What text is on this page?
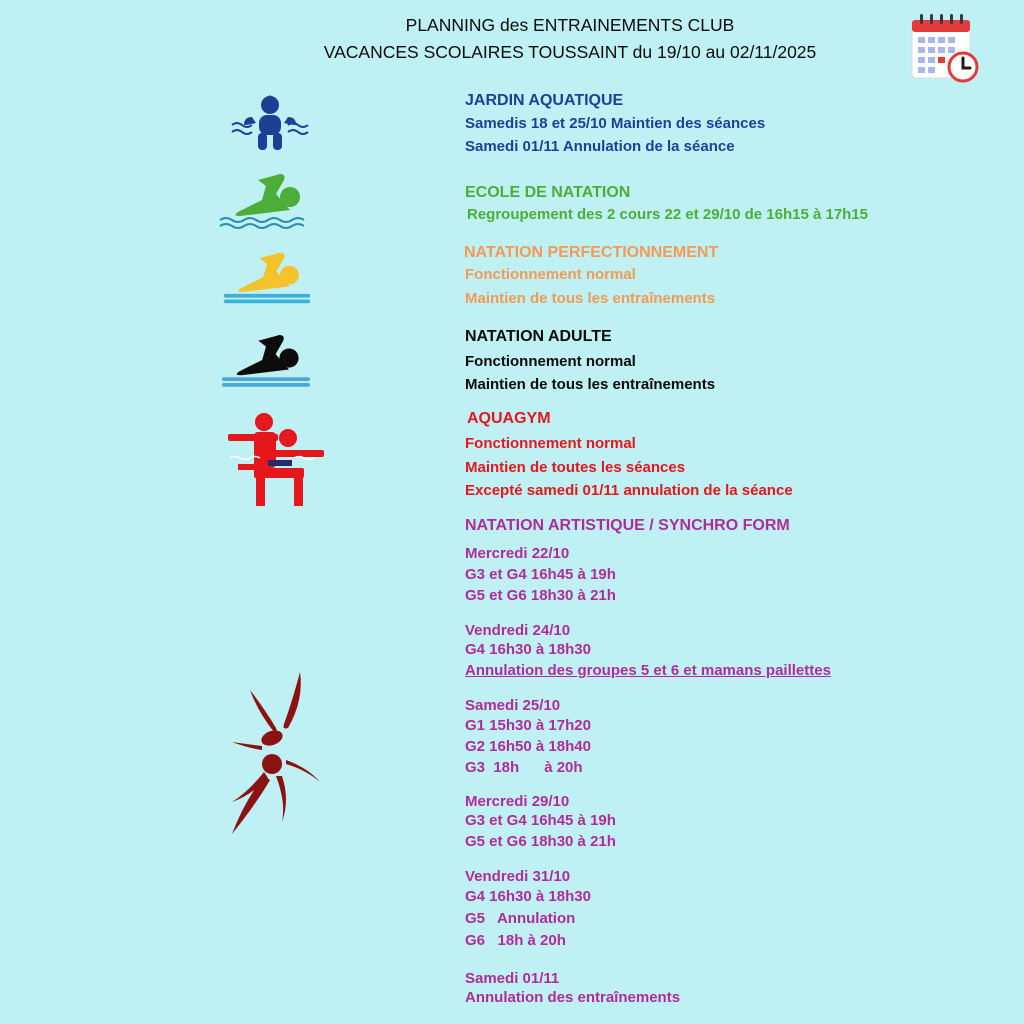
PLANNING des ENTRAINEMENTS CLUB
VACANCES SCOLAIRES TOUSSAINT du 19/10 au 02/11/2025
JARDIN AQUATIQUE
Samedis 18 et 25/10 Maintien des séances
Samedi 01/11 Annulation de la séance
ECOLE DE NATATION
Regroupement des 2 cours 22 et 29/10 de 16h15 à 17h15
NATATION PERFECTIONNEMENT
Fonctionnement normal
Maintien de tous les entraînements
NATATION ADULTE
Fonctionnement normal
Maintien de tous les entraînements
AQUAGYM
Fonctionnement normal
Maintien de toutes les séances
Excepté samedi 01/11 annulation de la séance
NATATION ARTISTIQUE / SYNCHRO FORM
Mercredi 22/10
G3 et G4 16h45 à 19h
G5 et G6 18h30 à 21h
Vendredi 24/10
G4 16h30 à 18h30
Annulation des groupes 5 et 6 et mamans paillettes
Samedi 25/10
G1 15h30 à 17h20
G2 16h50 à 18h40
G3  18h      à 20h
Mercredi 29/10
G3 et G4 16h45 à 19h
G5 et G6 18h30 à 21h
Vendredi 31/10
G4 16h30 à 18h30
G5   Annulation
G6   18h à 20h
Samedi 01/11
Annulation des entraînements
